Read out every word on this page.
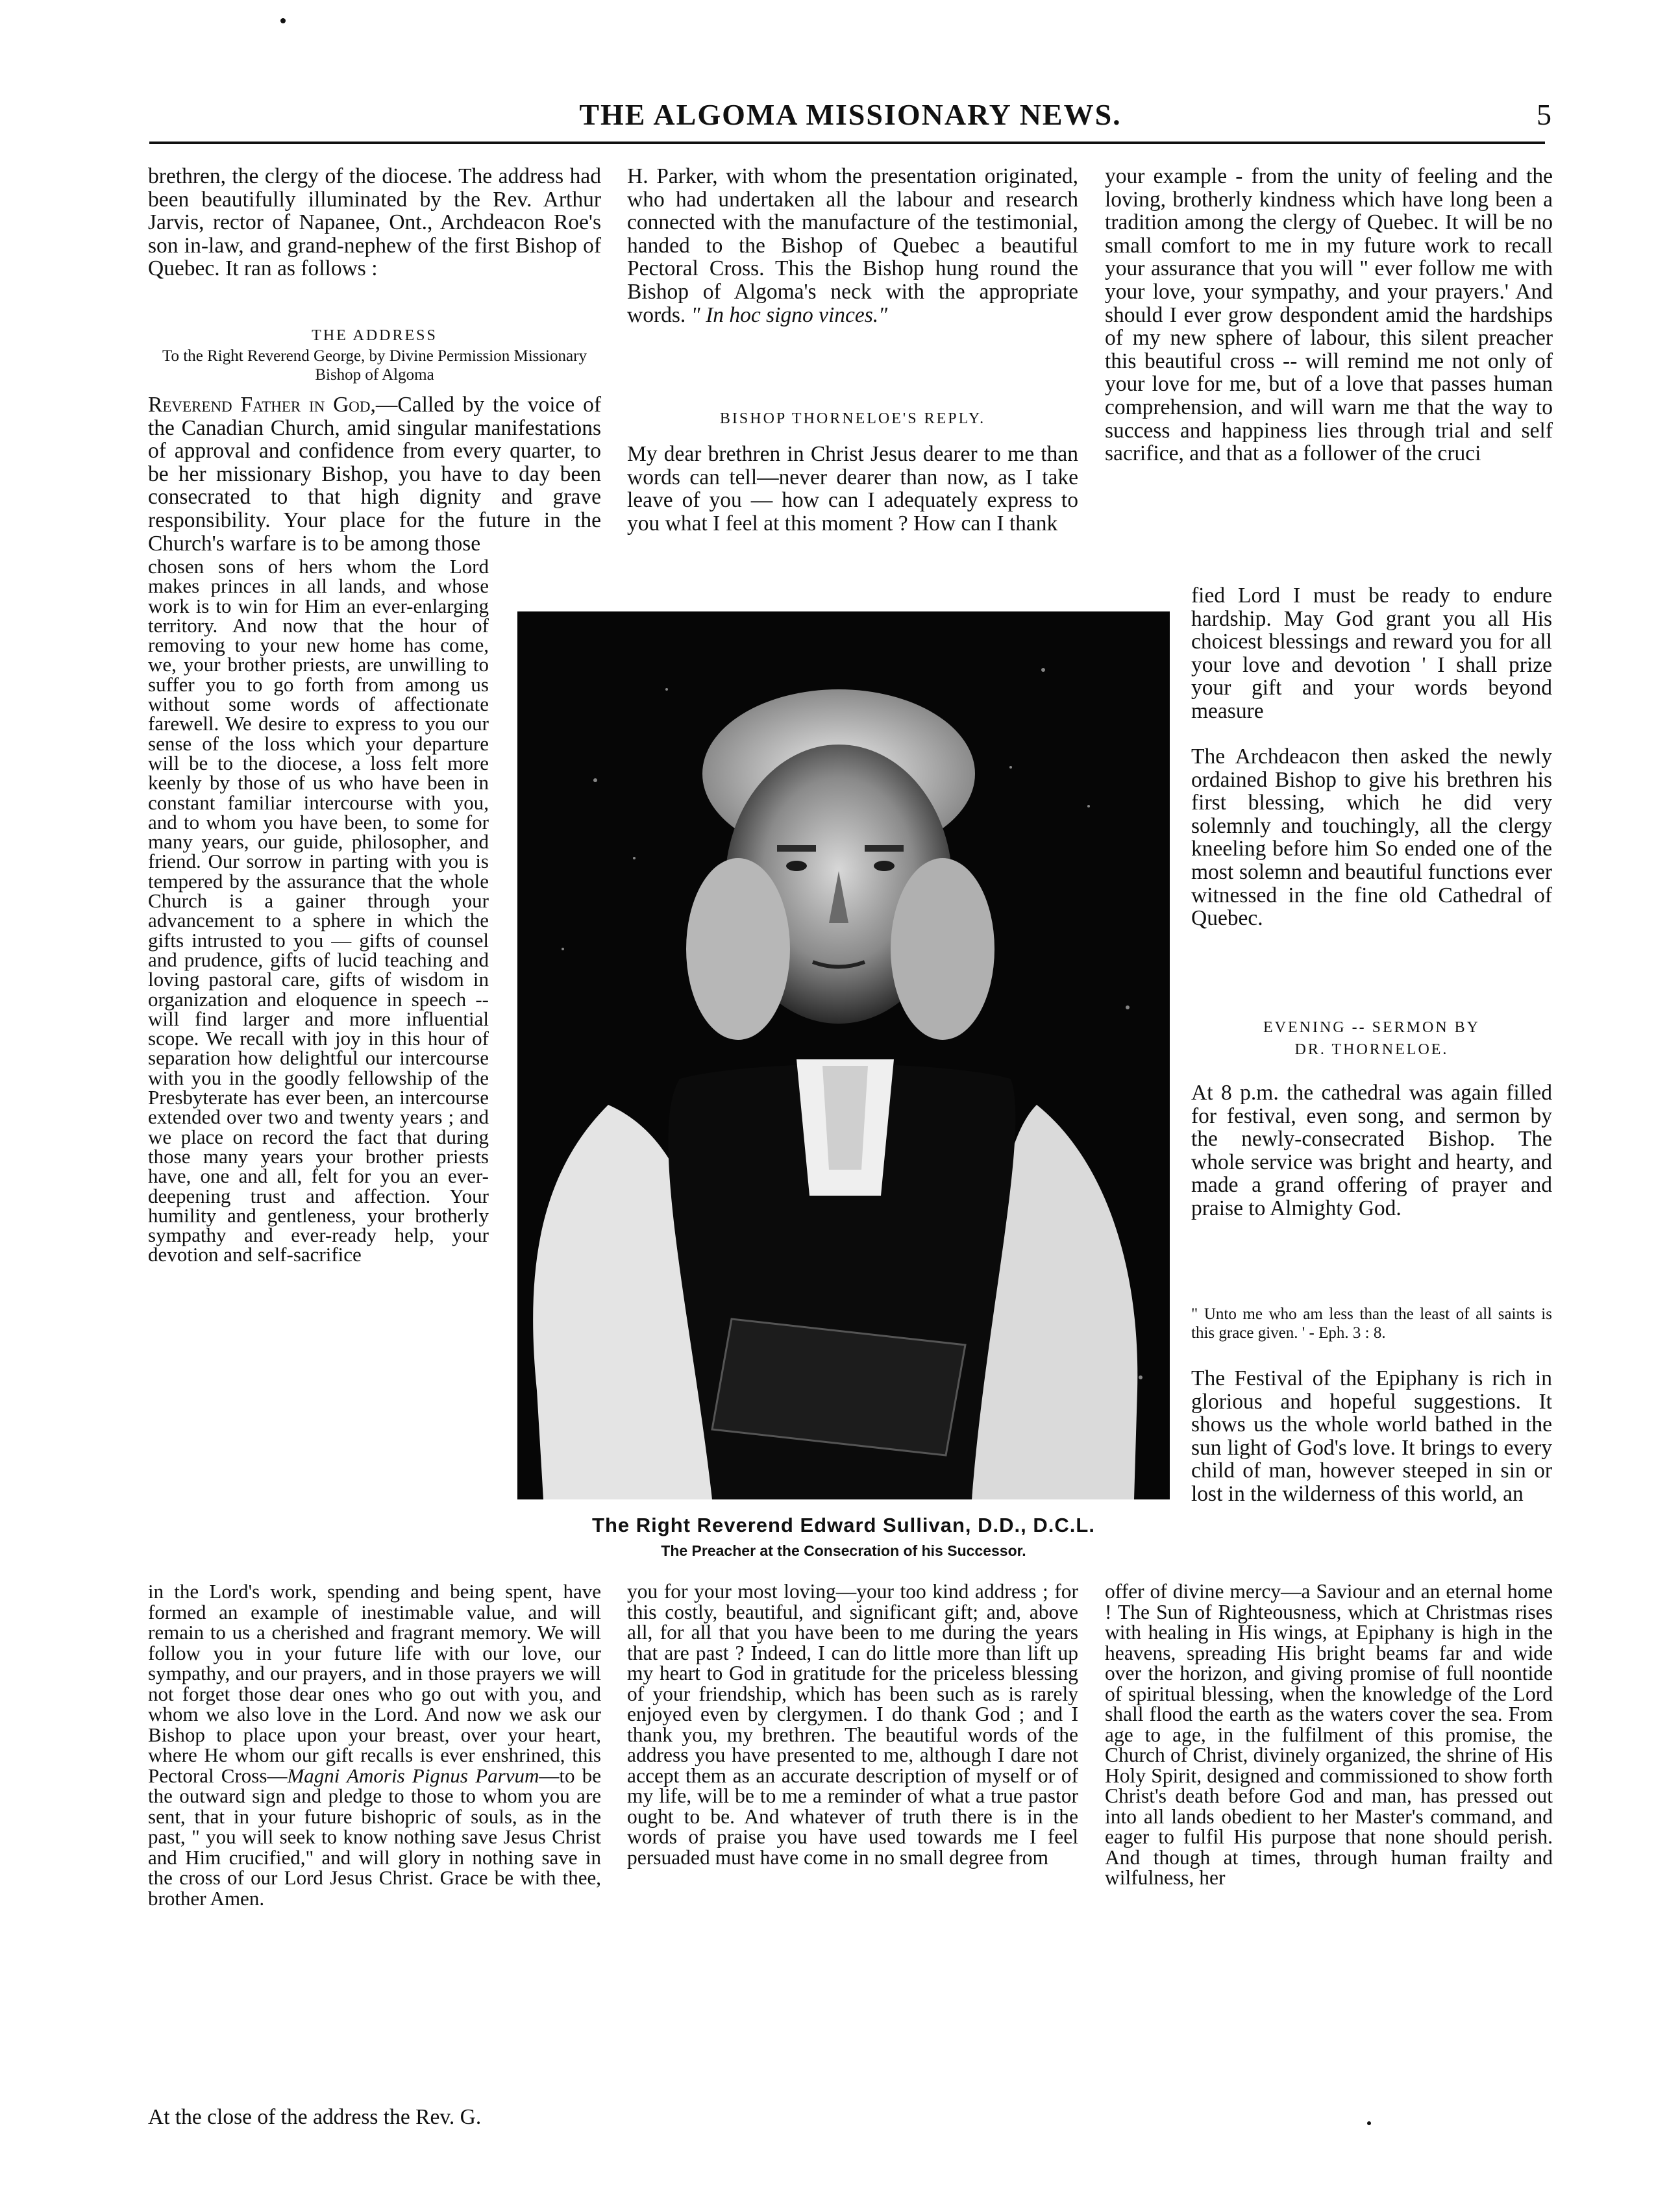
THE ALGOMA MISSIONARY NEWS.	5

brethren, the clergy of the diocese. The address had been beautifully illuminated by the Rev. Arthur Jarvis, rector of Napanee, Ont., Archdeacon Roe's son in-law, and grand-nephew of the first Bishop of Quebec. It ran as follows :

THE ADDRESS

To the Right Reverend George, by Divine Permission Missionary Bishop of Algoma

Reverend Father in God,—Called by the voice of the Canadian Church, amid singular manifestations of approval and confidence from every quarter, to be her missionary Bishop, you have to day been consecrated to that high dignity and grave responsibility. Your place for the future in the Church's warfare is to be among those

chosen sons of hers whom the Lord makes princes in all lands, and whose work is to win for Him an ever-enlarging territory. And now that the hour of removing to your new home has come, we, your brother priests, are unwilling to suffer you to go forth from among us without some words of affectionate farewell. We desire to express to you our sense of the loss which your departure will be to the diocese, a loss felt more keenly by those of us who have been in constant familiar intercourse with you, and to whom you have been, to some for many years, our guide, philosopher, and friend. Our sorrow in parting with you is tempered by the assurance that the whole Church is a gainer through your advancement to a sphere in which the gifts intrusted to you — gifts of counsel and prudence, gifts of lucid teaching and loving pastoral care, gifts of wisdom in organization and eloquence in speech -- will find larger and more influential scope. We recall with joy in this hour of separation how delightful our intercourse with you in the goodly fellowship of the Presbyterate has ever been, an intercourse extended over two and twenty years ; and we place on record the fact that during those many years your brother priests have, one and all, felt for you an ever-deepening trust and affection. Your humility and gentleness, your brotherly sympathy and ever-ready help, your devotion and self-sacrifice

in the Lord's work, spending and being spent, have formed an example of inestimable value, and will remain to us a cherished and fragrant memory. We will follow you in your future life with our love, our sympathy, and our prayers, and in those prayers we will not forget those dear ones who go out with you, and whom we also love in the Lord. And now we ask our Bishop to place upon your breast, over your heart, where He whom our gift recalls is ever enshrined, this Pectoral Cross—Magni Amoris Pignus Parvum—to be the outward sign and pledge to those to whom you are sent, that in your future bishopric of souls, as in the past, " you will seek to know nothing save Jesus Christ and Him crucified," and will glory in nothing save in the cross of our Lord Jesus Christ. Grace be with thee, brother Amen.

At the close of the address the Rev. G.

H. Parker, with whom the presentation originated, who had undertaken all the labour and research connected with the manufacture of the testimonial, handed to the Bishop of Quebec a beautiful Pectoral Cross. This the Bishop hung round the Bishop of Algoma's neck with the appropriate words. " In hoc signo vinces."

BISHOP THORNELOE'S REPLY.

My dear brethren in Christ Jesus dearer to me than words can tell—never dearer than now, as I take leave of you — how can I adequately express to you what I feel at this moment ? How can I thank

you for your most loving—your too kind address ; for this costly, beautiful, and significant gift; and, above all, for all that you have been to me during the years that are past ? Indeed, I can do little more than lift up my heart to God in gratitude for the priceless blessing of your friendship, which has been such as is rarely enjoyed even by clergymen. I do thank God ; and I thank you, my brethren. The beautiful words of the address you have presented to me, although I dare not accept them as an accurate description of myself or of my life, will be to me a reminder of what a true pastor ought to be. And whatever of truth there is in the words of praise you have used towards me I feel persuaded must have come in no small degree from

The Right Reverend Edward Sullivan, D.D., D.C.L.
The Preacher at the Consecration of his Successor.

your example - from the unity of feeling and the loving, brotherly kindness which have long been a tradition among the clergy of Quebec. It will be no small comfort to me in my future work to recall your assurance that you will " ever follow me with your love, your sympathy, and your prayers.' And should I ever grow despondent amid the hardships of my new sphere of labour, this silent preacher this beautiful cross -- will remind me not only of your love for me, but of a love that passes human comprehension, and will warn me that the way to success and happiness lies through trial and self sacrifice, and that as a follower of the cruci

fied Lord I must be ready to endure hardship. May God grant you all His choicest blessings and reward you for all your love and devotion ' I shall prize your gift and your words beyond measure

The Archdeacon then asked the newly ordained Bishop to give his brethren his first blessing, which he did very solemnly and touchingly, all the clergy kneeling before him So ended one of the most solemn and beautiful functions ever witnessed in the fine old Cathedral of Quebec.

EVENING -- SERMON BY

DR. THORNELOE.

At 8 p.m. the cathedral was again filled for festival, even song, and sermon by the newly-consecrated Bishop. The whole service was bright and hearty, and made a grand offering of prayer and praise to Almighty God.

" Unto me who am less than the least of all saints is this grace given. ' - Eph. 3 : 8.

The Festival of the Epiphany is rich in glorious and hopeful suggestions. It shows us the whole world bathed in the sun light of God's love. It brings to every child of man, however steeped in sin or lost in the wilderness of this world, an

offer of divine mercy—a Saviour and an eternal home ! The Sun of Righteousness, which at Christmas rises with healing in His wings, at Epiphany is high in the heavens, spreading His bright beams far and wide over the horizon, and giving promise of full noontide of spiritual blessing, when the knowledge of the Lord shall flood the earth as the waters cover the sea. From age to age, in the fulfilment of this promise, the Church of Christ, divinely organized, the shrine of His Holy Spirit, designed and commissioned to show forth Christ's death before God and man, has pressed out into all lands obedient to her Master's command, and eager to fulfil His purpose that none should perish. And though at times, through human frailty and wilfulness, her
